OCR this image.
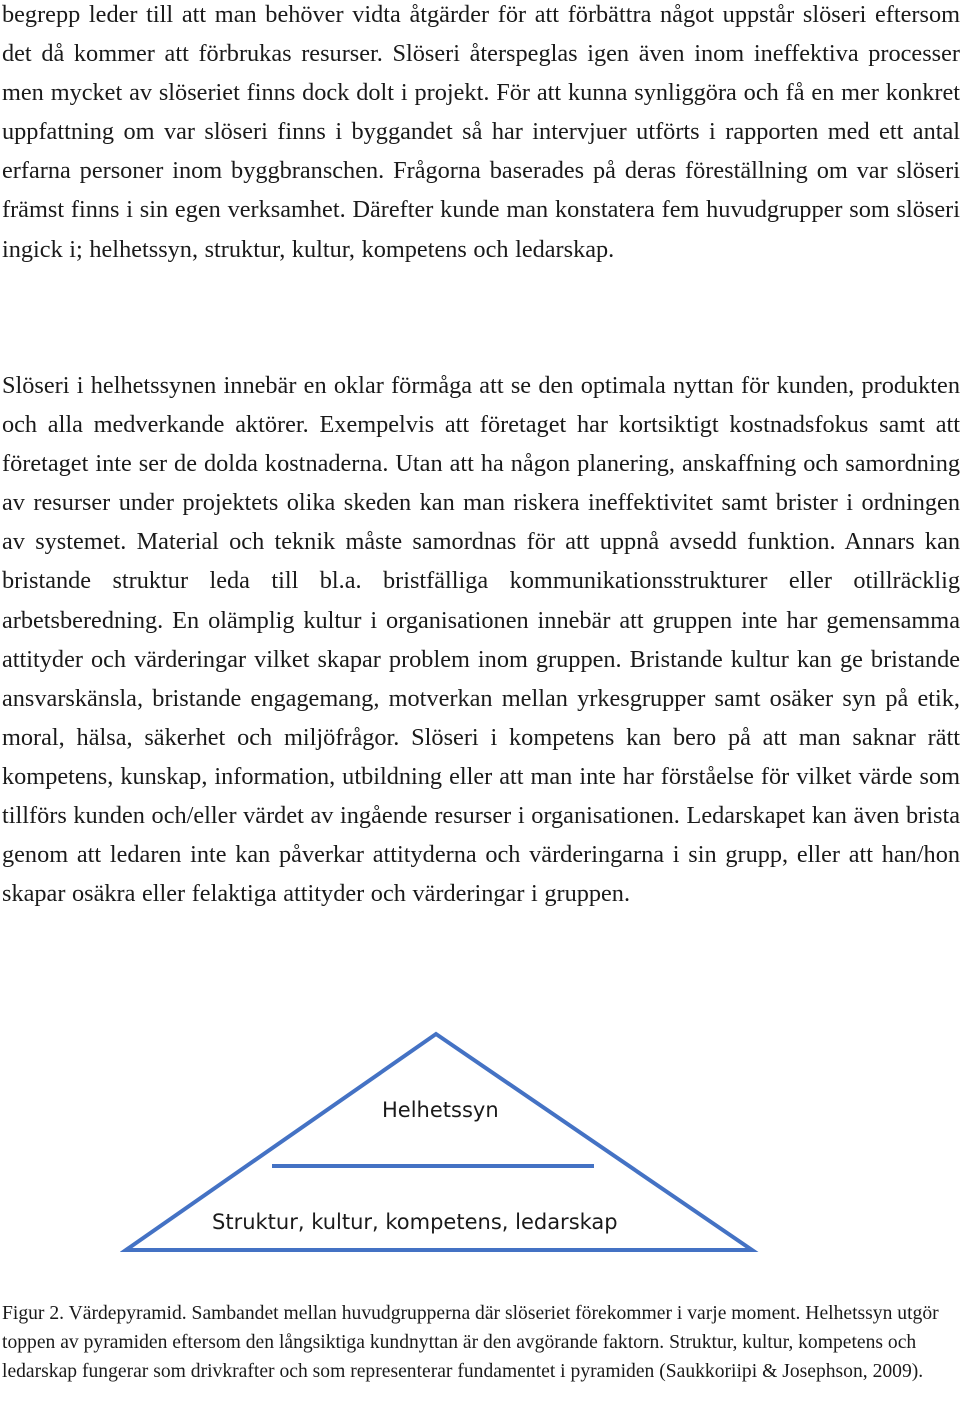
begrepp leder till att man behöver vidta åtgärder för att förbättra något uppstår slöseri eftersom det då kommer att förbrukas resurser. Slöseri återspeglas igen även inom ineffektiva processer men mycket av slöseriet finns dock dolt i projekt. För att kunna synliggöra och få en mer konkret uppfattning om var slöseri finns i byggandet så har intervjuer utförts i rapporten med ett antal erfarna personer inom byggbranschen. Frågorna baserades på deras föreställning om var slöseri främst finns i sin egen verksamhet. Därefter kunde man konstatera fem huvudgrupper som slöseri ingick i; helhetssyn, struktur, kultur, kompetens och ledarskap.

Slöseri i helhetssynen innebär en oklar förmåga att se den optimala nyttan för kunden, produkten och alla medverkande aktörer. Exempelvis att företaget har kortsiktigt kostnadsfokus samt att företaget inte ser de dolda kostnaderna. Utan att ha någon planering, anskaffning och samordning av resurser under projektets olika skeden kan man riskera ineffektivitet samt brister i ordningen av systemet. Material och teknik måste samordnas för att uppnå avsedd funktion. Annars kan bristande struktur leda till bl.a. bristfälliga kommunikationsstrukturer eller otillräcklig arbetsberedning. En olämplig kultur i organisationen innebär att gruppen inte har gemensamma attityder och värderingar vilket skapar problem inom gruppen. Bristande kultur kan ge bristande ansvarskänsla, bristande engagemang, motverkan mellan yrkesgrupper samt osäker syn på etik, moral, hälsa, säkerhet och miljöfrågor. Slöseri i kompetens kan bero på att man saknar rätt kompetens, kunskap, information, utbildning eller att man inte har förståelse för vilket värde som tillförs kunden och/eller värdet av ingående resurser i organisationen. Ledarskapet kan även brista genom att ledaren inte kan påverkar attityderna och värderingarna i sin grupp, eller att han/hon skapar osäkra eller felaktiga attityder och värderingar i gruppen.

Helhetssyn
Struktur, kultur, kompetens, ledarskap

Figur 2. Värdepyramid. Sambandet mellan huvudgrupperna där slöseriet förekommer i varje moment. Helhetssyn utgör toppen av pyramiden eftersom den långsiktiga kundnyttan är den avgörande faktorn. Struktur, kultur, kompetens och ledarskap fungerar som drivkrafter och som representerar fundamentet i pyramiden (Saukkoriipi & Josephson, 2009).
